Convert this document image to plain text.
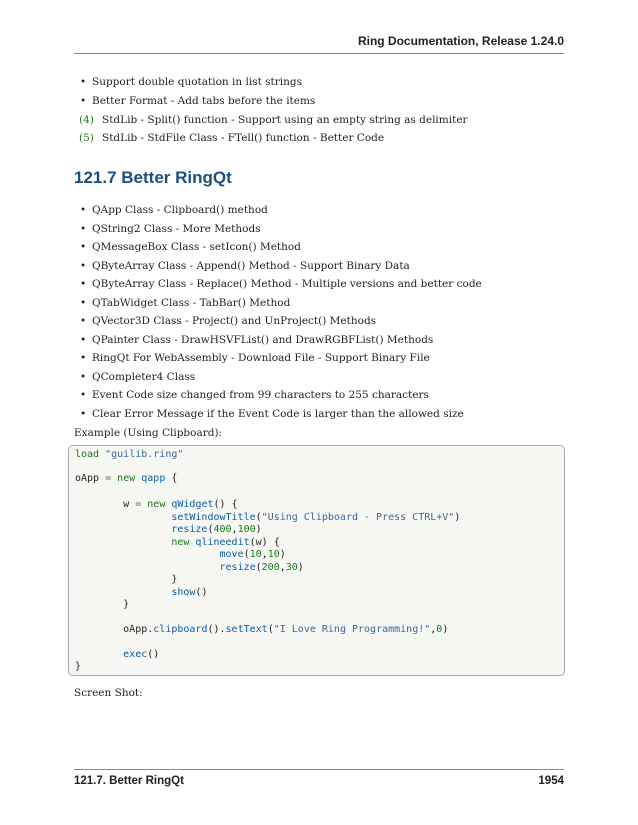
Ring Documentation, Release 1.24.0
• Support double quotation in list strings
• Better Format - Add tabs before the items
(4) StdLib - Split() function - Support using an empty string as delimiter
(5) StdLib - StdFile Class - FTell() function - Better Code
121.7 Better RingQt
• QApp Class - Clipboard() method
• QString2 Class - More Methods
• QMessageBox Class - setIcon() Method
• QByteArray Class - Append() Method - Support Binary Data
• QByteArray Class - Replace() Method - Multiple versions and better code
• QTabWidget Class - TabBar() Method
• QVector3D Class - Project() and UnProject() Methods
• QPainter Class - DrawHSVFList() and DrawRGBFList() Methods
• RingQt For WebAssembly - Download File - Support Binary File
• QCompleter4 Class
• Event Code size changed from 99 characters to 255 characters
• Clear Error Message if the Event Code is larger than the allowed size
Example (Using Clipboard):
load "guilib.ring"
oApp = new qapp {
w = new qWidget() {
setWindowTitle("Using Clipboard - Press CTRL+V")
resize(400,100)
new qlineedit(w) {
move(10,10)
resize(200,30)
}
show()
}
oApp.clipboard().setText("I Love Ring Programming!",0)
exec()
}
Screen Shot:
121.7. Better RingQt	1954
